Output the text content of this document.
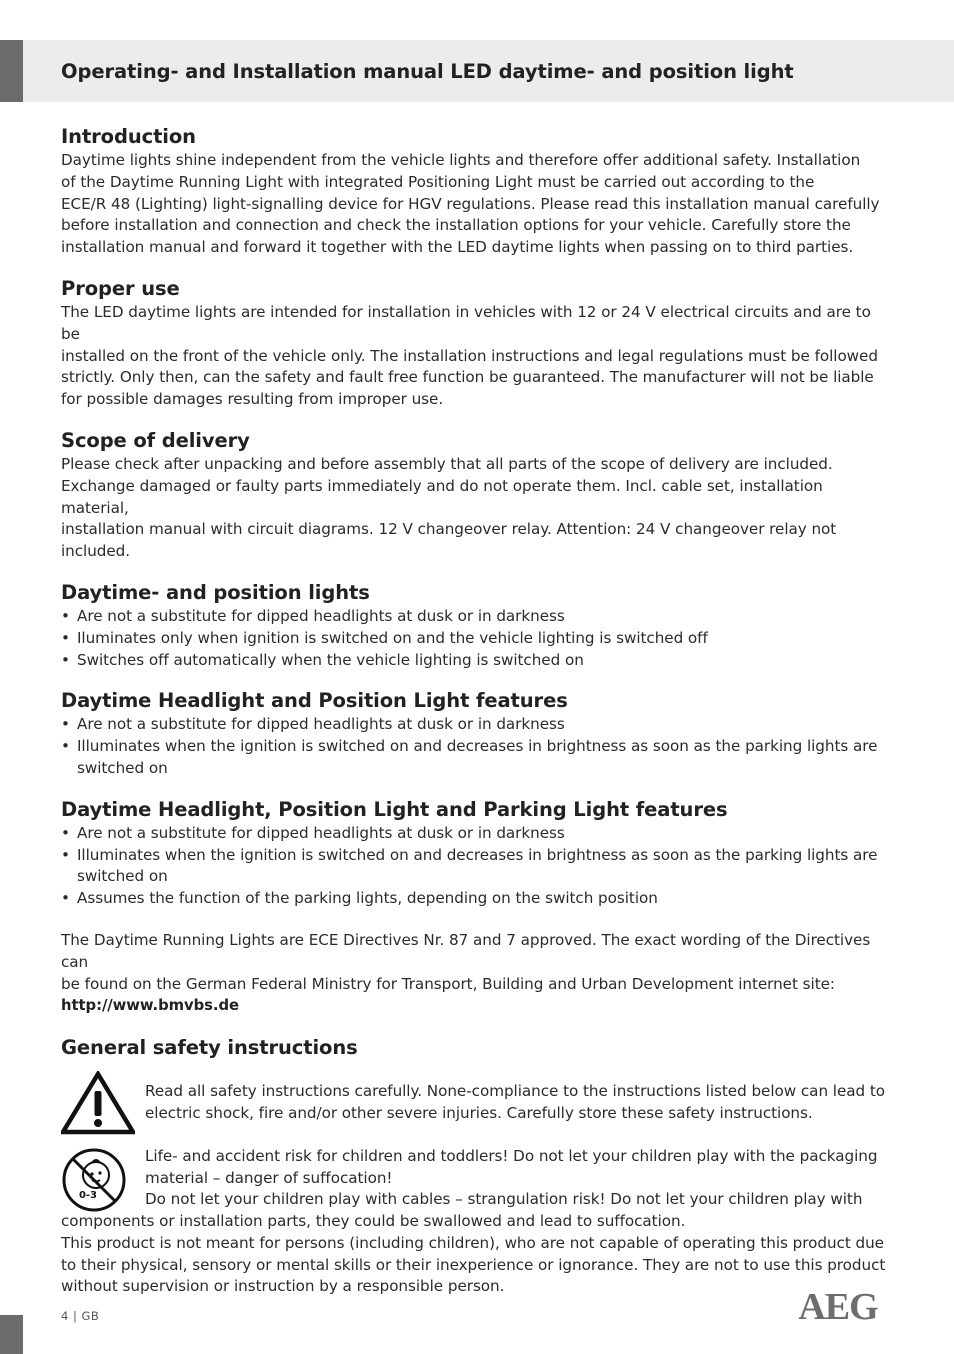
Operating- and Installation manual LED daytime- and position light
Introduction

Daytime lights shine independent from the vehicle lights and therefore offer additional safety. Installation

of the Daytime Running Light with integrated Positioning Light must be carried out according to the

ECE/R 48 (Lighting) light-signalling device for HGV regulations. Please read this installation manual carefully

before installation and connection and check the installation options for your vehicle. Carefully store the

installation manual and forward it together with the LED daytime lights when passing on to third parties.

Proper use

The LED daytime lights are intended for installation in vehicles with 12 or 24 V electrical circuits and are to be

installed on the front of the vehicle only. The installation instructions and legal regulations must be followed

strictly. Only then, can the safety and fault free function be guaranteed. The manufacturer will not be liable

for possible damages resulting from improper use.

Scope of delivery

Please check after unpacking and before assembly that all parts of the scope of delivery are included.

Exchange damaged or faulty parts immediately and do not operate them. Incl. cable set, installation material,

installation manual with circuit diagrams. 12 V changeover relay. Attention: 24 V changeover relay not included.

Daytime- and position lights
• Are not a substitute for dipped headlights at dusk or in darkness
• Iluminates only when ignition is switched on and the vehicle lighting is switched off
• Switches off automatically when the vehicle lighting is switched on
Daytime Headlight and Position Light features
• Are not a substitute for dipped headlights at dusk or in darkness
• Illuminates when the ignition is switched on and decreases in brightness as soon as the parking lights are switched on
Daytime Headlight, Position Light and Parking Light features
• Are not a substitute for dipped headlights at dusk or in darkness
• Illuminates when the ignition is switched on and decreases in brightness as soon as the parking lights are switched on
• Assumes the function of the parking lights, depending on the switch position

The Daytime Running Lights are ECE Directives Nr. 87 and 7 approved. The exact wording of the Directives can

be found on the German Federal Ministry for Transport, Building and Urban Development internet site:

http://www.bmvbs.de

General safety instructions
0-3

Read all safety instructions carefully. None-compliance to the instructions listed below can lead to

electric shock, fire and/or other severe injuries. Carefully store these safety instructions.

Life- and accident risk for children and toddlers! Do not let your children play with the packaging

material – danger of suffocation!

Do not let your children play with cables – strangulation risk! Do not let your children play with

components or installation parts, they could be swallowed and lead to suffocation.

This product is not meant for persons (including children), who are not capable of operating this product due

to their physical, sensory or mental skills or their inexperience or ignorance. They are not to use this product

without supervision or instruction by a responsible person.

4 | GB	AEG
